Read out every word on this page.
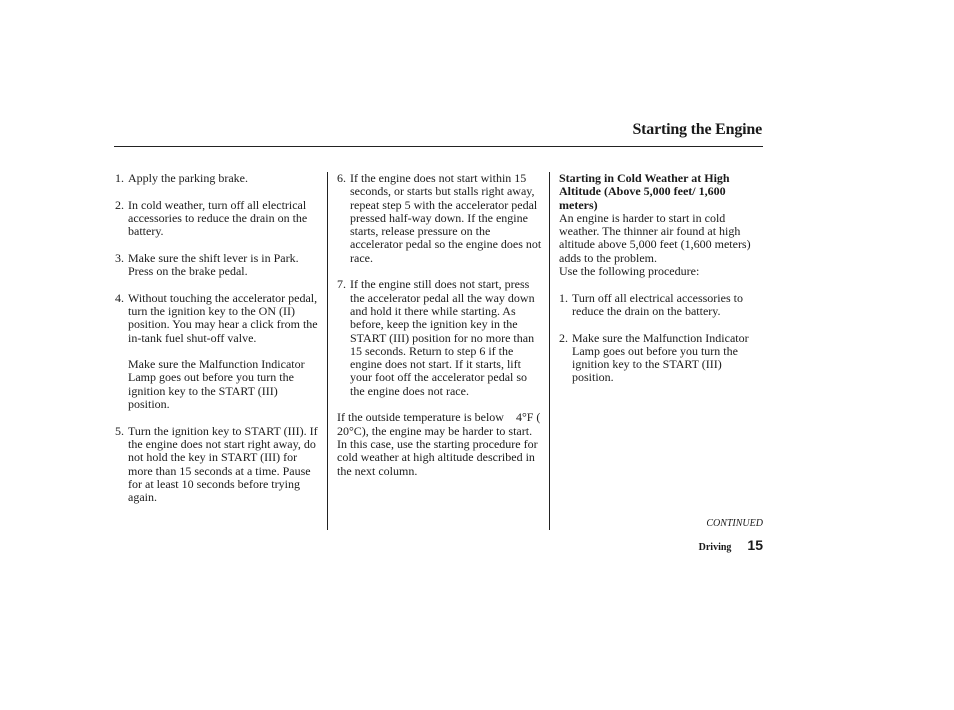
Starting the Engine
1. Apply the parking brake.
2. In cold weather, turn off all electrical accessories to reduce the drain on the battery.
3. Make sure the shift lever is in Park. Press on the brake pedal.
4. Without touching the accelerator pedal, turn the ignition key to the ON (II) position. You may hear a click from the in-tank fuel shut-off valve.
Make sure the Malfunction Indicator Lamp goes out before you turn the ignition key to the START (III) position.
5. Turn the ignition key to START (III). If the engine does not start right away, do not hold the key in START (III) for more than 15 seconds at a time. Pause for at least 10 seconds before trying again.
6. If the engine does not start within 15 seconds, or starts but stalls right away, repeat step 5 with the accelerator pedal pressed half-way down. If the engine starts, release pressure on the accelerator pedal so the engine does not race.
7. If the engine still does not start, press the accelerator pedal all the way down and hold it there while starting. As before, keep the ignition key in the START (III) position for no more than 15 seconds. Return to step 6 if the engine does not start. If it starts, lift your foot off the accelerator pedal so the engine does not race.
If the outside temperature is below    4°F (   20°C), the engine may be harder to start. In this case, use the starting procedure for cold weather at high altitude described in the next column.
Starting in Cold Weather at High Altitude (Above 5,000 feet/ 1,600 meters)
An engine is harder to start in cold weather. The thinner air found at high altitude above 5,000 feet (1,600 meters) adds to the problem.
Use the following procedure:
1. Turn off all electrical accessories to reduce the drain on the battery.
2. Make sure the Malfunction Indicator Lamp goes out before you turn the ignition key to the START (III) position.
CONTINUED
Driving 15
